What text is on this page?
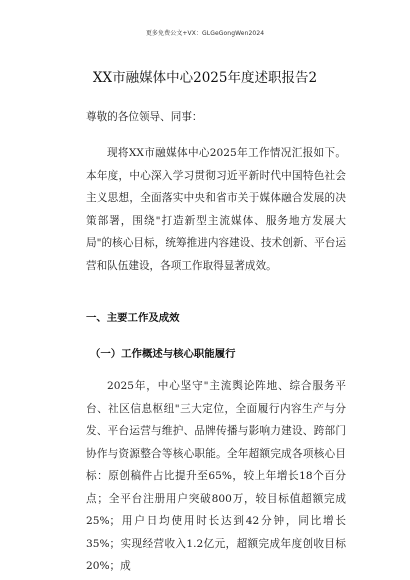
更多免费公文+VX：GLGeGongWen2024
XX市融媒体中心2025年度述职报告2
尊敬的各位领导、同事：
现将XX市融媒体中心2025年工作情况汇报如下。本年度，中心深入学习贯彻习近平新时代中国特色社会主义思想，全面落实中央和省市关于媒体融合发展的决策部署，围绕"打造新型主流媒体、服务地方发展大局"的核心目标，统筹推进内容建设、技术创新、平台运营和队伍建设，各项工作取得显著成效。
一、主要工作及成效
（一）工作概述与核心职能履行
2025年，中心坚守"主流舆论阵地、综合服务平台、社区信息枢纽"三大定位，全面履行内容生产与分发、平台运营与维护、品牌传播与影响力建设、跨部门协作与资源整合等核心职能。全年超额完成各项核心目标：原创稿件占比提升至65%，较上年增长18个百分点；全平台注册用户突破800万，较目标值超额完成25%；用户日均使用时长达到42分钟，同比增长35%；实现经营收入1.2亿元，超额完成年度创收目标20%；成
